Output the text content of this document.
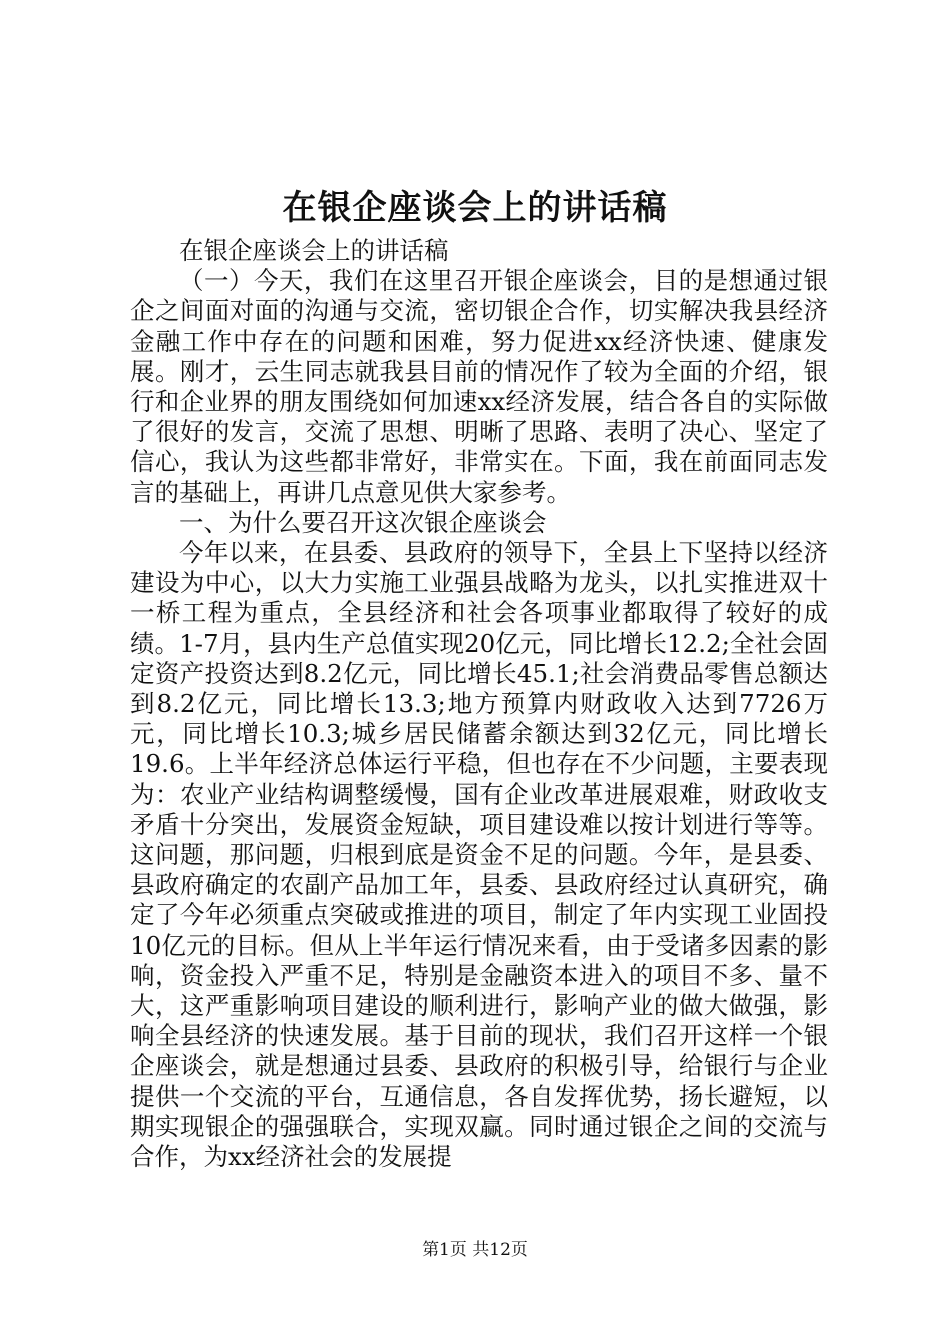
在银企座谈会上的讲话稿

在银企座谈会上的讲话稿

（一）今天，我们在这里召开银企座谈会，目的是想通过银企之间面对面的沟通与交流，密切银企合作，切实解决我县经济金融工作中存在的问题和困难，努力促进xx经济快速、健康发展。刚才，云生同志就我县目前的情况作了较为全面的介绍，银行和企业界的朋友围绕如何加速xx经济发展，结合各自的实际做了很好的发言，交流了思想、明晰了思路、表明了决心、坚定了信心，我认为这些都非常好，非常实在。下面，我在前面同志发言的基础上，再讲几点意见供大家参考。

一、为什么要召开这次银企座谈会

今年以来，在县委、县政府的领导下，全县上下坚持以经济建设为中心，以大力实施工业强县战略为龙头，以扎实推进双十一桥工程为重点，全县经济和社会各项事业都取得了较好的成绩。1-7月，县内生产总值实现20亿元，同比增长12.2;全社会固定资产投资达到8.2亿元，同比增长45.1;社会消费品零售总额达到8.2亿元，同比增长13.3;地方预算内财政收入达到7726万元，同比增长10.3;城乡居民储蓄余额达到32亿元，同比增长19.6。上半年经济总体运行平稳，但也存在不少问题，主要表现为：农业产业结构调整缓慢，国有企业改革进展艰难，财政收支矛盾十分突出，发展资金短缺，项目建设难以按计划进行等等。这问题，那问题，归根到底是资金不足的问题。今年，是县委、县政府确定的农副产品加工年，县委、县政府经过认真研究，确定了今年必须重点突破或推进的项目，制定了年内实现工业固投10亿元的目标。但从上半年运行情况来看，由于受诸多因素的影响，资金投入严重不足，特别是金融资本进入的项目不多、量不大，这严重影响项目建设的顺利进行，影响产业的做大做强，影响全县经济的快速发展。基于目前的现状，我们召开这样一个银企座谈会，就是想通过县委、县政府的积极引导，给银行与企业提供一个交流的平台，互通信息，各自发挥优势，扬长避短，以期实现银企的强强联合，实现双赢。同时通过银企之间的交流与合作，为xx经济社会的发展提

第1页 共12页
